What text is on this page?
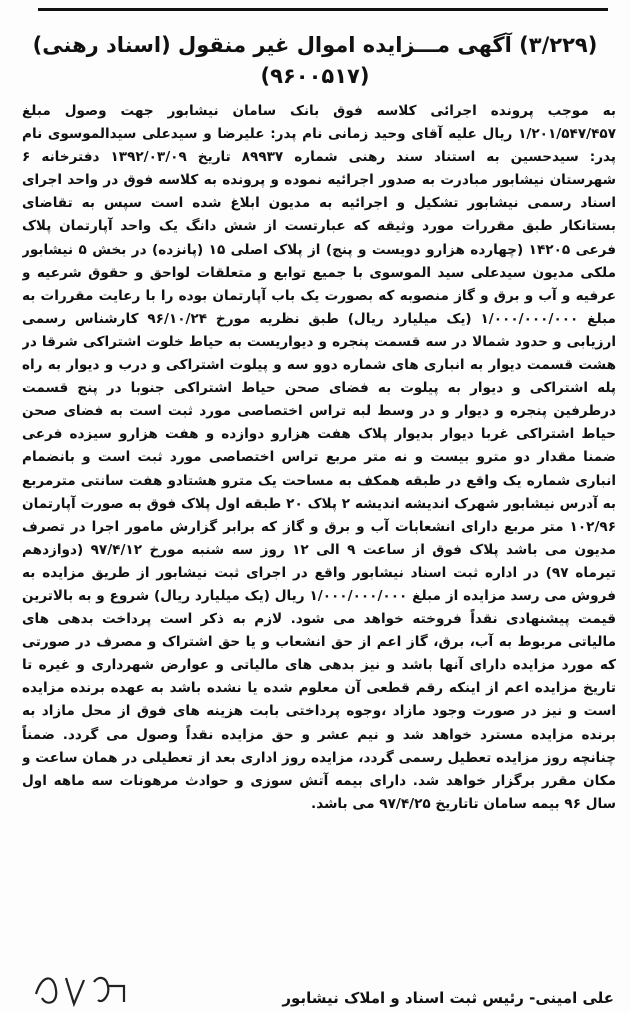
(۳/۲۲۹) آگهی مـــزایده اموال غیر منقول (اسناد رهنی)
(۹۶۰۰۵۱۷)

به موجب پرونده اجرائی کلاسه فوق بانک سامان نیشابور جهت وصول مبلغ ۱/۲۰۱/۵۴۷/۴۵۷ ریال علیه آقای وحید زمانی نام پدر: علیرضا و سیدعلی سیدالموسوی نام پدر: سیدحسین به استناد سند رهنی شماره ۸۹۹۳۷ تاریخ ۱۳۹۲/۰۳/۰۹ دفترخانه ۶ شهرستان نیشابور مبادرت به صدور اجرائیه نموده و پرونده به کلاسه فوق در واحد اجرای اسناد رسمی نیشابور تشکیل و اجرائیه به مدیون ابلاغ شده است سپس به تقاضای بستانکار طبق مقررات مورد وثیقه که عبارتست از شش دانگ یک واحد آپارتمان پلاک فرعی ۱۴۲۰۵ (چهارده هزارو دویست و پنج) از پلاک اصلی ۱۵ (پانزده) در بخش ۵ نیشابور ملکی مدیون سیدعلی سید الموسوی با جمیع توابع و متعلقات لواحق و حقوق شرعیه و عرفیه و آب و برق و گاز منصوبه که بصورت یک باب آپارتمان بوده را با رعایت مقررات به مبلغ ۱/۰۰۰/۰۰۰/۰۰۰ (یک میلیارد ریال) طبق نظریه مورخ ۹۶/۱۰/۲۴ کارشناس رسمی ارزیابی و حدود شمالا در سه قسمت پنجره و دیواریست به حیاط خلوت اشتراکی شرقا در هشت قسمت دیوار به انباری های شماره دوو سه و پیلوت اشتراکی و درب و دیوار به راه پله اشتراکی و دیوار به پیلوت به فضای صحن حیاط اشتراکی جنوبا در پنج قسمت درطرفین پنجره و دیوار و در وسط لبه تراس اختصاصی مورد ثبت است به فضای صحن حیاط اشتراکی غربا دیوار بدیوار پلاک هفت هزارو دوازده و هفت هزارو سیزده فرعی ضمنا مقدار دو مترو بیست و نه متر مربع تراس اختصاصی مورد ثبت است و بانضمام انباری شماره یک واقع در طبقه همکف به مساحت یک مترو هشتادو هفت سانتی مترمربع به آدرس نیشابور شهرک اندیشه اندیشه ۲ پلاک ۲۰ طبقه اول پلاک فوق به صورت آپارتمان ۱۰۲/۹۶ متر مربع دارای انشعابات آب و برق و گاز که برابر گزارش مامور اجرا در تصرف مدیون می باشد پلاک فوق از ساعت ۹ الی ۱۲ روز سه شنبه مورخ ۹۷/۴/۱۲ (دوازدهم تیرماه ۹۷) در اداره ثبت اسناد نیشابور واقع در اجرای ثبت نیشابور از طریق مزایده به فروش می رسد مزایده از مبلغ ۱/۰۰۰/۰۰۰/۰۰۰ ریال (یک میلیارد ریال) شروع و به بالاترین قیمت پیشنهادی نقداً فروخته خواهد می شود. لازم به ذکر است پرداخت بدهی های مالیاتی مربوط به آب، برق، گاز اعم از حق انشعاب و یا حق اشتراک و مصرف در صورتی که مورد مزایده دارای آنها باشد و نیز بدهی های مالیاتی و عوارض شهرداری و غیره تا تاریخ مزایده اعم از اینکه رقم قطعی آن معلوم شده یا نشده باشد به عهده برنده مزایده است و نیز در صورت وجود مازاد ،وجوه پرداختی بابت هزینه های فوق از محل مازاد به برنده مزایده مسترد خواهد شد و نیم عشر و حق مزایده نقداً وصول می گردد. ضمناً چنانچه روز مزایده تعطیل رسمی گردد، مزایده روز اداری بعد از تعطیلی در همان ساعت و مکان مقرر برگزار خواهد شد. دارای بیمه آتش سوزی و حوادث مرهونات سه ماهه اول سال ۹۶ بیمه سامان تاتاریخ ۹۷/۴/۲۵ می باشد.

علی امینی- رئیس ثبت اسناد و املاک نیشابور
